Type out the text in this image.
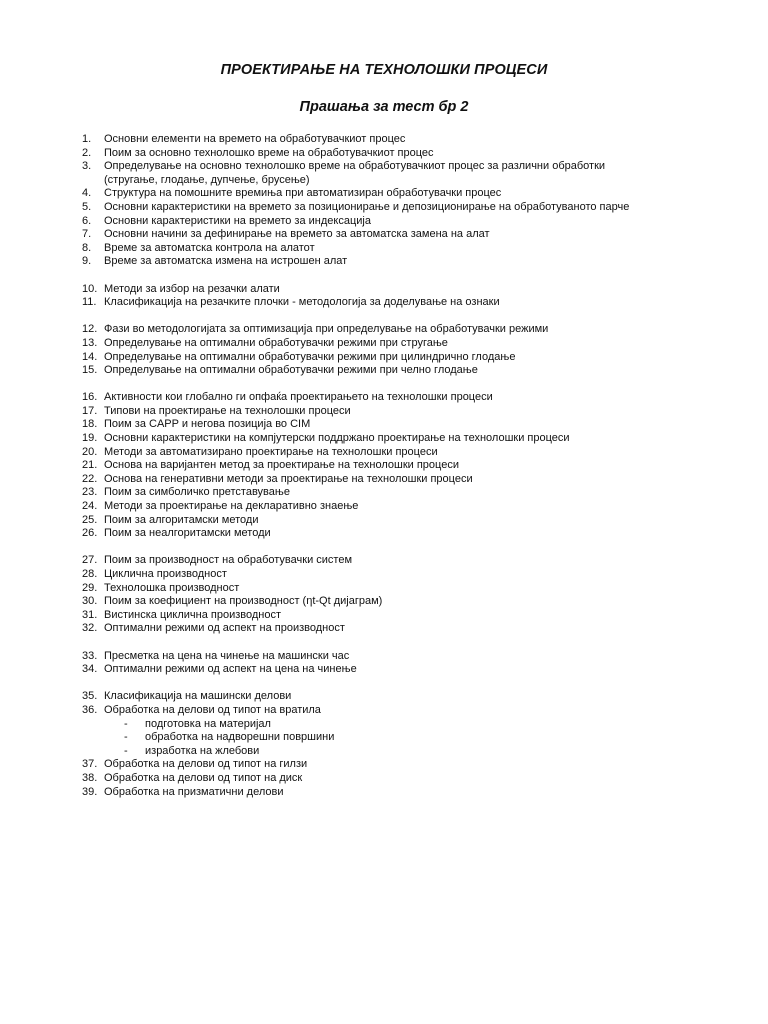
ПРОЕКТИРАЊЕ НА ТЕХНОЛОШКИ ПРОЦЕСИ
Прашања за тест бр 2
1.	Основни елементи на времето на обработувачкиот процес
2.	Поим за основно технолошко време на обработувачкиот процес
3.	Определување на основно технолошко време на обработувачкиот процес за различни обработки
(стругање, глодање, дупчење, брусење)
4.	Структура на помошните времиња при автоматизиран обработувачки процес
5.	Основни карактеристики на времето за позиционирање и депозиционирање на обработуваното парче
6.	Основни карактеристики на времето за индексација
7.	Основни начини за дефинирање на времето за автоматска замена на алат
8.	Време за автоматска контрола на алатот
9.	Време за автоматска измена на истрошен алат
10. Методи за избор на резачки алати
11. Класификација на резачките плочки - методологија за доделување на ознаки
12. Фази во методологијата за оптимизација при определување на обработувачки режими
13. Определување на оптимални обработувачки режими при стругање
14. Определување на оптимални обработувачки режими при цилиндрично глодање
15. Определување на оптимални обработувачки режими при челно глодање
16. Активности кои глобално ги опфаќа проектирањето на технолошки процеси
17. Типови на проектирање на технолошки процеси
18. Поим за CAPP и негова позиција во CIM
19. Основни карактеристики на компјутерски поддржано проектирање на технолошки процеси
20. Методи за автоматизирано проектирање на технолошки процеси
21. Основа на варијантен метод за проектирање на технолошки процеси
22. Основа на генеративни методи за проектирање на технолошки процеси
23. Поим за симболичко претставување
24. Методи за проектирање на декларативно знаење
25. Поим за алгоритамски методи
26. Поим за неалгоритамски методи
27. Поим за производност на обработувачки систем
28. Циклична производност
29. Технолошка производност
30. Поим за коефициент на производност (ηt-Qt дијаграм)
31. Вистинска циклична производност
32. Оптимални режими од аспект на производност
33. Пресметка на цена на чинење на машински час
34. Оптимални режими од аспект на цена на чинење
35. Класификација на машински делови
36. Обработка на делови од типот на вратила
-	подготовка на материјал
-	обработка на надворешни површини
-	изработка на жлебови
37. Обработка на делови од типот на гилзи
38. Обработка на делови од типот на диск
39. Обработка на призматични делови
